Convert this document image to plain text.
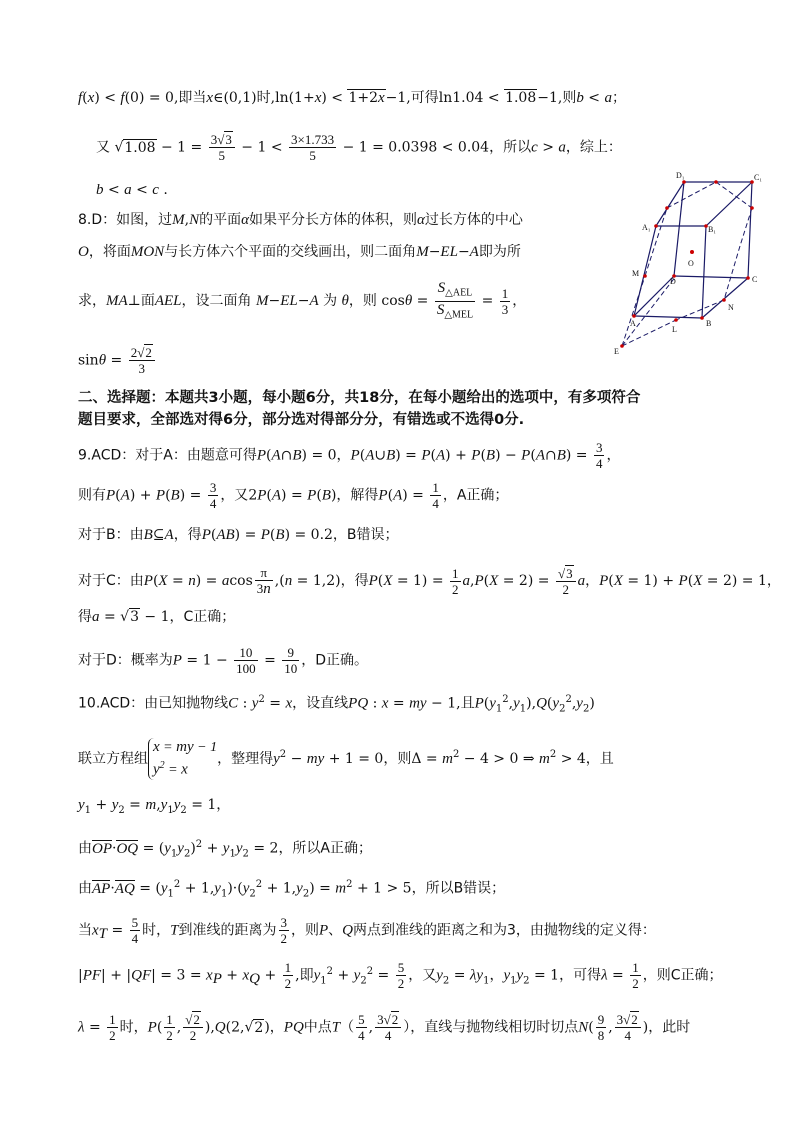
f(x) < f(0) = 0,即当x∈(0,1)时,ln(1+x) < 1+2x−1,可得ln1.04 < 1.08−1,则b < a；
又 $√1.08 - 1 = \frac{3√3}{5} - 1 < \frac{3\times 1.733}{5} - 1 = 0.0398 < 0.04$，所以c > a，综上：
b < a < c .
8.D：如图，过M,N的平面α如果平分长方体的体积，则α过长方体的中心
O，将面MON与长方体六个平面的交线画出，则二面角M−EL−A即为所
求，MA⊥面AEL，设二面角 M−EL−A 为 θ，则 $\cos\theta = \frac{S_{\triangle AEL}}{S_{\triangle MEL}} = \frac{1}{3}$ ，
$\sin\theta = \frac{2√2}{3}$
二、选择题：本题共3小题，每小题6分，共18分，在每小题给出的选项中，有多项符合
题目要求，全部选对得6分，部分选对得部分分，有错选或不选得0分.
9.ACD：对于A：由题意可得P(A∩B) = 0，P(A∪B) = P(A) + P(B) − P(A∩B) = $\frac{3}{4}$ ，
则有$P(A) + P(B) = \frac{3}{4}$ ，又2P(A) = P(B)，解得$P(A) = \frac{1}{4}$ ，A正确；
对于B：由B⊆A，得P(AB) = P(B) = 0.2，B错误；
对于C：由P(X = n) = acos $\frac{\pi}{3n} ,(n = 1,2)$，得$P(X = 1) = \frac{1}{2} a,P(X = 2) = \frac{√3}{2}$ a，P(X = 1) + P(X = 2) = 1，
得a = √3 − 1，C正确；
对于D：概率为$P = 1 - \frac{10}{100} = \frac{9}{10}$ ，D正确。
10.ACD：由已知抛物线C : $y^2 = x$，设直线PQ : x = my − 1,且$P(y_1^2,y_1),Q(y_2^2,y_2)$
联立方程组
x = my − 1
$y^2 = x$
，整理得$y^2$ − my + 1 = 0，则$\Delta = m^2 - 4 > 0$ ⇒ $m^2 > 4$，且
$y_1 + y_2 = m,y_1y_2 = 1$，
由$OP\cdot OQ = (y_1y_2)^2 + y_1y_2 = 2$，所以A正确；
由$AP\cdot AQ = (y_1^2 + 1,y_1)\cdot(y_2^2 + 1,y_2) = m^2 + 1 > 5$，所以B错误；
当$x_T = \frac{5}{4}$ 时，T到准线的距离为 $\frac{3}{2}$ ，则P、Q两点到准线的距离之和为3，由抛物线的定义得：
$|PF| + |QF| = 3 = x_P + x_Q + \frac{1}{2}$ ,即$y_1^2 + y_2^2 = \frac{5}{2}$ ，又$y_2 = \lambda y_1$，$y_1y_2 = 1$，可得$\lambda = \frac{1}{2}$ ，则C正确；
$\lambda = \frac{1}{2}$ 时，$P( \frac{1}{2}$ , $\frac{√2}{2} ),Q(2,√2)$，PQ中点$T( \frac{5}{4}$ , $\frac{3√2}{4}$ ），直线与抛物线相切时切点$N( \frac{9}{8}$ , $\frac{3√2}{4}$ )，此时
D₁	C₁
A₁	B₁
O
M
D	C
A
L
B
N
E
